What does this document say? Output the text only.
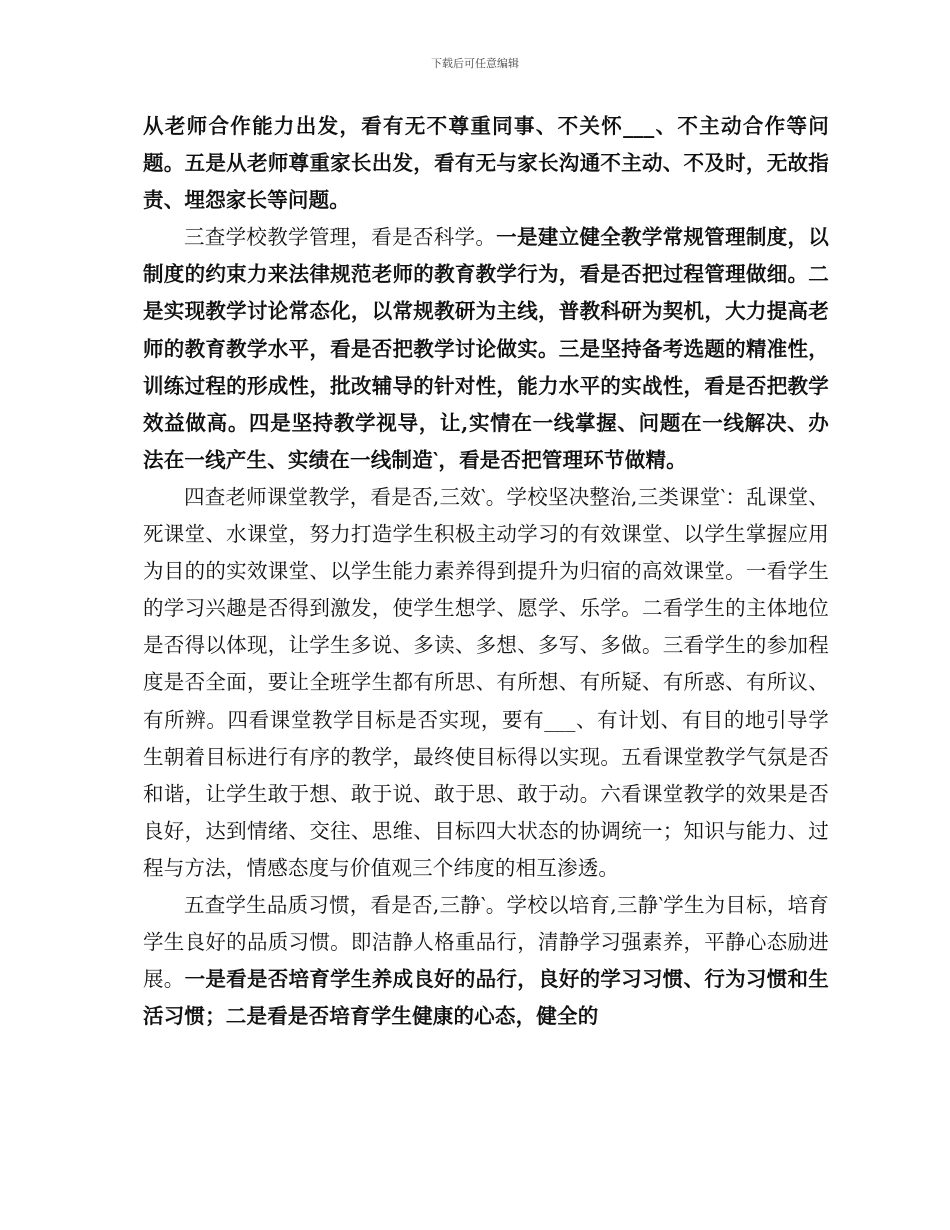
下载后可任意编辑

从老师合作能力出发，看有无不尊重同事、不关怀___、不主动合作等问题。五是从老师尊重家长出发，看有无与家长沟通不主动、不及时，无故指责、埋怨家长等问题。

三查学校教学管理，看是否科学。一是建立健全教学常规管理制度，以制度的约束力来法律规范老师的教育教学行为，看是否把过程管理做细。二是实现教学讨论常态化，以常规教研为主线，普教科研为契机，大力提高老师的教育教学水平，看是否把教学讨论做实。三是坚持备考选题的精准性，训练过程的形成性，批改辅导的针对性，能力水平的实战性，看是否把教学效益做高。四是坚持教学视导，让,实情在一线掌握、问题在一线解决、办法在一线产生、实绩在一线制造‵，看是否把管理环节做精。

四查老师课堂教学，看是否,三效‵。学校坚决整治,三类课堂‵：乱课堂、死课堂、水课堂，努力打造学生积极主动学习的有效课堂、以学生掌握应用为目的的实效课堂、以学生能力素养得到提升为归宿的高效课堂。一看学生的学习兴趣是否得到激发，使学生想学、愿学、乐学。二看学生的主体地位是否得以体现，让学生多说、多读、多想、多写、多做。三看学生的参加程度是否全面，要让全班学生都有所思、有所想、有所疑、有所惑、有所议、有所辨。四看课堂教学目标是否实现，要有___、有计划、有目的地引导学生朝着目标进行有序的教学，最终使目标得以实现。五看课堂教学气氛是否和谐，让学生敢于想、敢于说、敢于思、敢于动。六看课堂教学的效果是否良好，达到情绪、交往、思维、目标四大状态的协调统一；知识与能力、过程与方法，情感态度与价值观三个纬度的相互渗透。

五查学生品质习惯，看是否,三静‵。学校以培育,三静‵学生为目标，培育学生良好的品质习惯。即洁静人格重品行，清静学习强素养，平静心态励进展。一是看是否培育学生养成良好的品行，良好的学习习惯、行为习惯和生活习惯；二是看是否培育学生健康的心态，健全的
